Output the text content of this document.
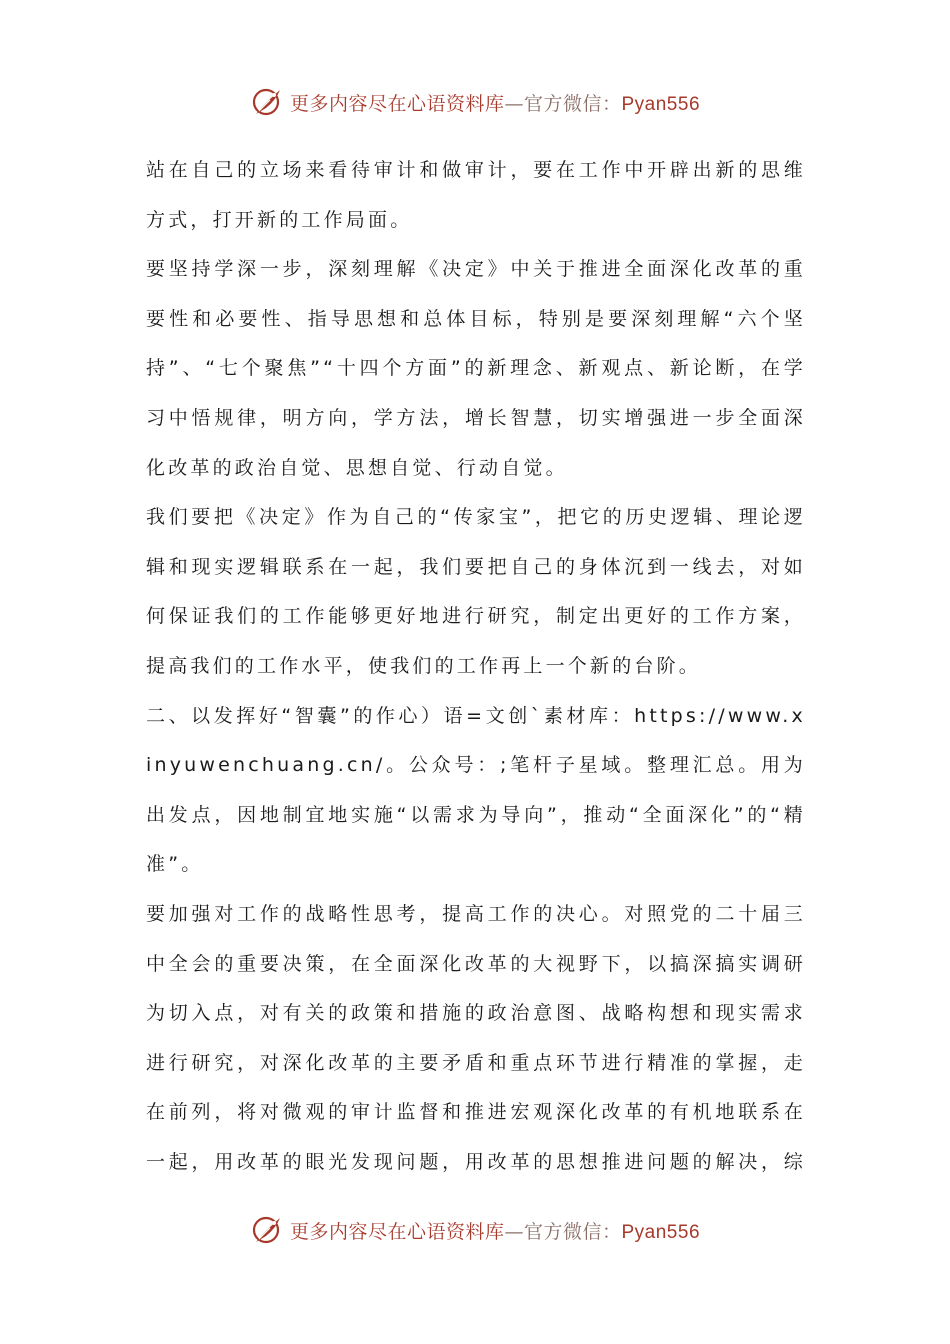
更多内容尽在心语资料库—官方微信：Pyan556

站在自己的立场来看待审计和做审计，要在工作中开辟出新的思维方式，打开新的工作局面。

要坚持学深一步，深刻理解《决定》中关于推进全面深化改革的重要性和必要性、指导思想和总体目标，特别是要深刻理解“六个坚持”、“七个聚焦”“十四个方面”的新理念、新观点、新论断，在学习中悟规律，明方向，学方法，增长智慧，切实增强进一步全面深化改革的政治自觉、思想自觉、行动自觉。

我们要把《决定》作为自己的“传家宝”，把它的历史逻辑、理论逻辑和现实逻辑联系在一起，我们要把自己的身体沉到一线去，对如何保证我们的工作能够更好地进行研究，制定出更好的工作方案，提高我们的工作水平，使我们的工作再上一个新的台阶。

二、以发挥好“智囊”的作心）语=文创`素材库：https://www.xinyuwenchuang.cn/。公众号：;笔杆子星域。整理汇总。用为出发点，因地制宜地实施“以需求为导向”，推动“全面深化”的“精准”。

要加强对工作的战略性思考，提高工作的决心。对照党的二十届三中全会的重要决策，在全面深化改革的大视野下，以搞深搞实调研为切入点，对有关的政策和措施的政治意图、战略构想和现实需求进行研究，对深化改革的主要矛盾和重点环节进行精准的掌握，走在前列，将对微观的审计监督和推进宏观深化改革的有机地联系在一起，用改革的眼光发现问题，用改革的思想推进问题的解决，综

更多内容尽在心语资料库—官方微信：Pyan556
